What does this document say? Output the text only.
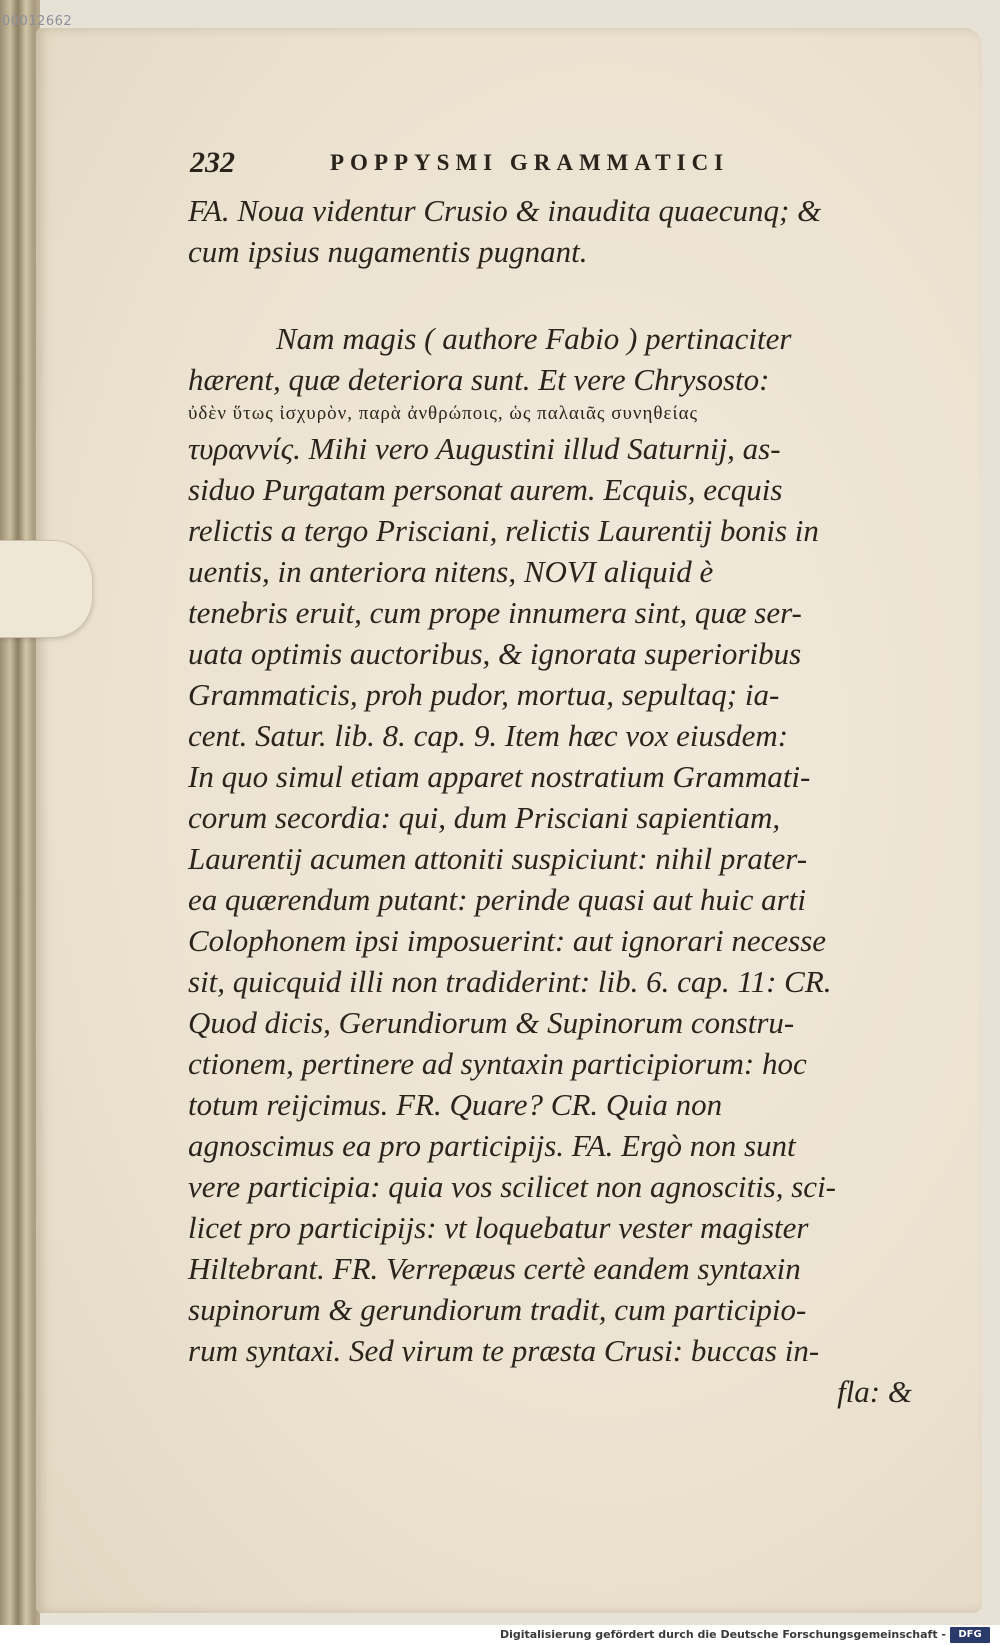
00012662
232	POPPYSMI GRAMMATICI
FA. Noua videntur Crusio & inaudita quaecunq; &
cum ipsius nugamentis pugnant.
Nam magis ( authore Fabio ) pertinaciter
hærent, quæ deteriora sunt. Et vere Chrysosto:
ὐδὲν ὕτως ἰσχυρὸν, παρὰ ἀνθρώποις, ὡς παλαιᾶς συνηθείας
τυραννίς. Mihi vero Augustini illud Saturnij, as-
siduo Purgatam personat aurem. Ecquis, ecquis
relictis a tergo Prisciani, relictis Laurentij bonis in
uentis, in anteriora nitens, NOVI aliquid è
tenebris eruit, cum prope innumera sint, quæ ser-
uata optimis auctoribus, & ignorata superioribus
Grammaticis, proh pudor, mortua, sepultaq; ia-
cent. Satur. lib. 8. cap. 9. Item hæc vox eiusdem:
In quo simul etiam apparet nostratium Grammati-
corum secordia: qui, dum Prisciani sapientiam,
Laurentij acumen attoniti suspiciunt: nihil prater-
ea quærendum putant: perinde quasi aut huic arti
Colophonem ipsi imposuerint: aut ignorari necesse
sit, quicquid illi non tradiderint: lib. 6. cap. 11: CR.
Quod dicis, Gerundiorum & Supinorum constru-
ctionem, pertinere ad syntaxin participiorum: hoc
totum reijcimus. FR. Quare? CR. Quia non
agnoscimus ea pro participijs. FA. Ergò non sunt
vere participia: quia vos scilicet non agnoscitis, sci-
licet pro participijs: vt loquebatur vester magister
Hiltebrant. FR. Verrepæus certè eandem syntaxin
supinorum & gerundiorum tradit, cum participio-
rum syntaxi. Sed virum te præsta Crusi: buccas in-
fla: &
Digitalisierung gefördert durch die Deutsche Forschungsgemeinschaft -	DFG
